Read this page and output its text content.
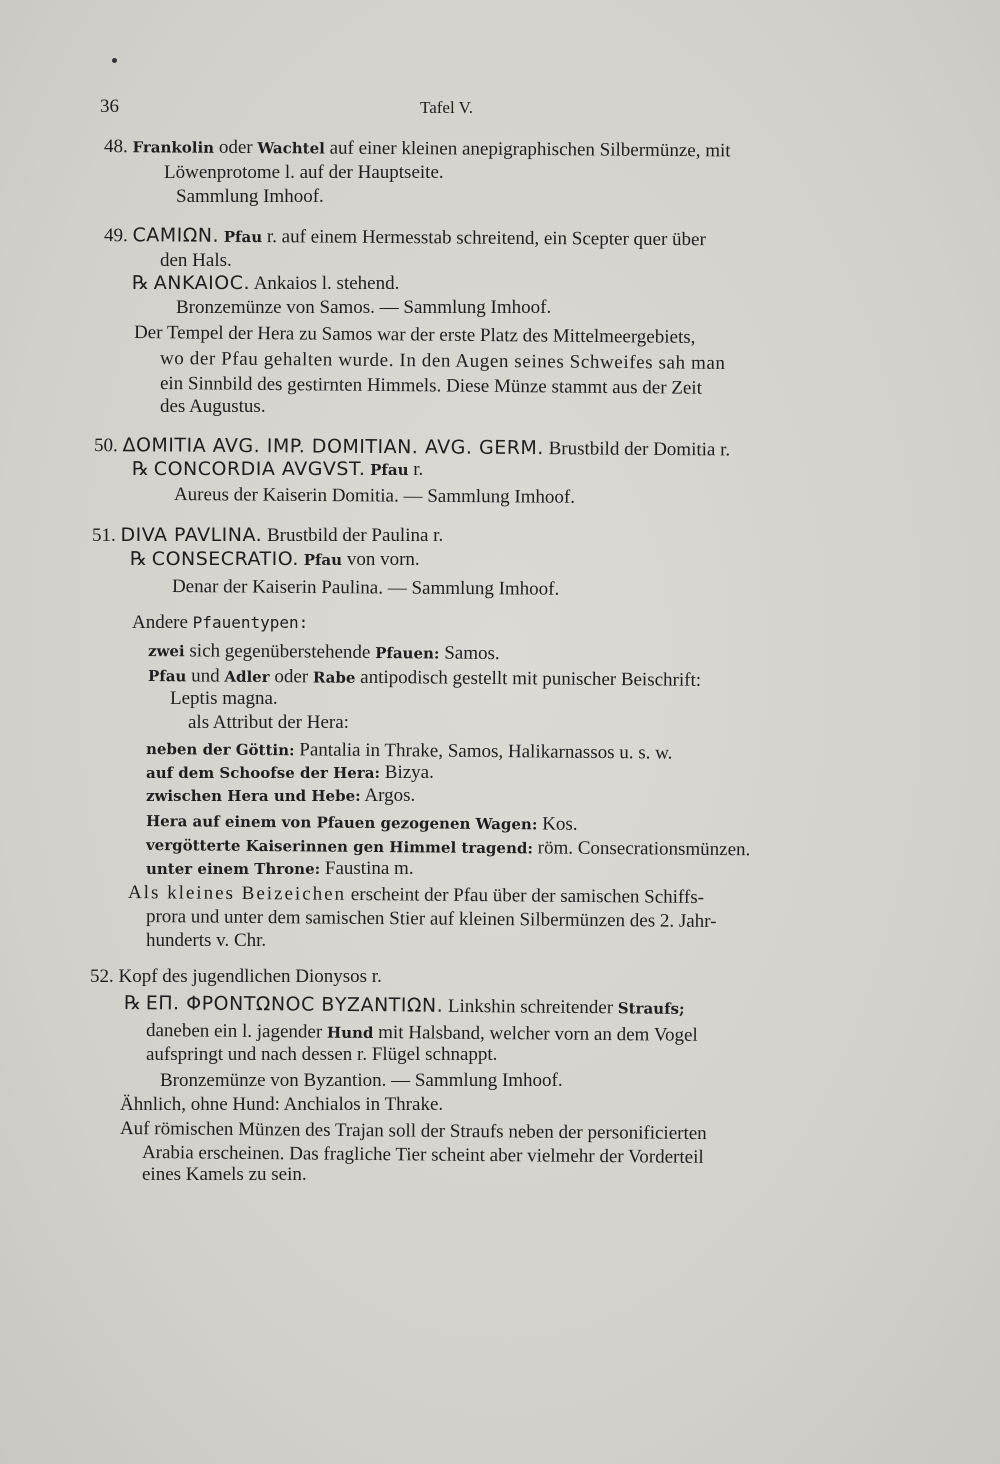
36	Tafel V.
48. Frankolin oder Wachtel auf einer kleinen anepigraphischen Silbermünze, mit
Löwenprotome l. auf der Hauptseite.
Sammlung Imhoof.
49. CAMIΩN. Pfau r. auf einem Hermesstab schreitend, ein Scepter quer über
den Hals.
℞ ANKAIOC. Ankaios l. stehend.
Bronzemünze von Samos. — Sammlung Imhoof.
Der Tempel der Hera zu Samos war der erste Platz des Mittelmeergebiets,
wo der Pfau gehalten wurde. In den Augen seines Schweifes sah man
ein Sinnbild des gestirnten Himmels. Diese Münze stammt aus der Zeit
des Augustus.
50. ΔOMITIA AVG. IMP. DOMITIAN. AVG. GERM. Brustbild der Domitia r.
℞ CONCORDIA AVGVST. Pfau r.
Aureus der Kaiserin Domitia. — Sammlung Imhoof.
51. DIVA PAVLINA. Brustbild der Paulina r.
℞ CONSECRATIO. Pfau von vorn.
Denar der Kaiserin Paulina. — Sammlung Imhoof.
Andere Pfauentypen:
zwei sich gegenüberstehende Pfauen: Samos.
Pfau und Adler oder Rabe antipodisch gestellt mit punischer Beischrift:
Leptis magna.
als Attribut der Hera:
neben der Göttin: Pantalia in Thrake, Samos, Halikarnassos u. s. w.
auf dem Schoofse der Hera: Bizya.
zwischen Hera und Hebe: Argos.
Hera auf einem von Pfauen gezogenen Wagen: Kos.
vergötterte Kaiserinnen gen Himmel tragend: röm. Consecrationsmünzen.
unter einem Throne: Faustina m.
Als kleines Beizeichen erscheint der Pfau über der samischen Schiffs-
prora und unter dem samischen Stier auf kleinen Silbermünzen des 2. Jahr-
hunderts v. Chr.
52. Kopf des jugendlichen Dionysos r.
℞ ΕΠ. ΦΡΟΝΤΩΝΟC ΒΥΖΑΝΤΙΩΝ. Linkshin schreitender Straufs;
daneben ein l. jagender Hund mit Halsband, welcher vorn an dem Vogel
aufspringt und nach dessen r. Flügel schnappt.
Bronzemünze von Byzantion. — Sammlung Imhoof.
Ähnlich, ohne Hund: Anchialos in Thrake.
Auf römischen Münzen des Trajan soll der Straufs neben der personificierten
Arabia erscheinen. Das fragliche Tier scheint aber vielmehr der Vorderteil
eines Kamels zu sein.
